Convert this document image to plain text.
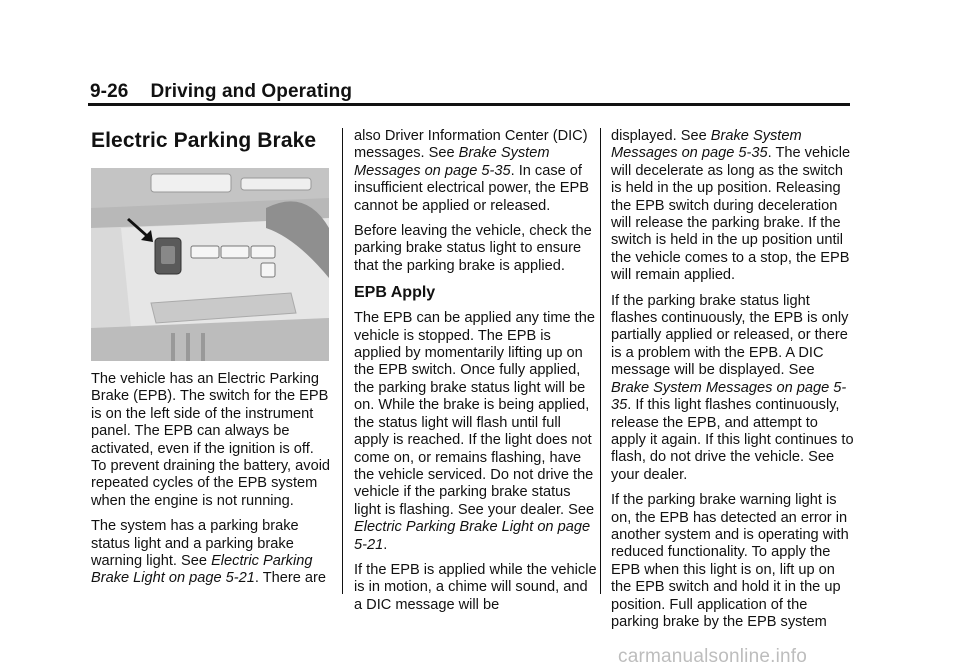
9-26 Driving and Operating
Electric Parking Brake

The vehicle has an Electric Parking Brake (EPB). The switch for the EPB is on the left side of the instrument panel. The EPB can always be activated, even if the ignition is off. To prevent draining the battery, avoid repeated cycles of the EPB system when the engine is not running.

The system has a parking brake status light and a parking brake warning light. See Electric Parking Brake Light on page 5-21. There are

also Driver Information Center (DIC) messages. See Brake System Messages on page 5-35. In case of insufficient electrical power, the EPB cannot be applied or released.

Before leaving the vehicle, check the parking brake status light to ensure that the parking brake is applied.

EPB Apply

The EPB can be applied any time the vehicle is stopped. The EPB is applied by momentarily lifting up on the EPB switch. Once fully applied, the parking brake status light will be on. While the brake is being applied, the status light will flash until full apply is reached. If the light does not come on, or remains flashing, have the vehicle serviced. Do not drive the vehicle if the parking brake status light is flashing. See your dealer. See Electric Parking Brake Light on page 5-21.

If the EPB is applied while the vehicle is in motion, a chime will sound, and a DIC message will be

displayed. See Brake System Messages on page 5-35. The vehicle will decelerate as long as the switch is held in the up position. Releasing the EPB switch during deceleration will release the parking brake. If the switch is held in the up position until the vehicle comes to a stop, the EPB will remain applied.

If the parking brake status light flashes continuously, the EPB is only partially applied or released, or there is a problem with the EPB. A DIC message will be displayed. See Brake System Messages on page 5-35. If this light flashes continuously, release the EPB, and attempt to apply it again. If this light continues to flash, do not drive the vehicle. See your dealer.

If the parking brake warning light is on, the EPB has detected an error in another system and is operating with reduced functionality. To apply the EPB when this light is on, lift up on the EPB switch and hold it in the up position. Full application of the parking brake by the EPB system

carmanualsonline.info
